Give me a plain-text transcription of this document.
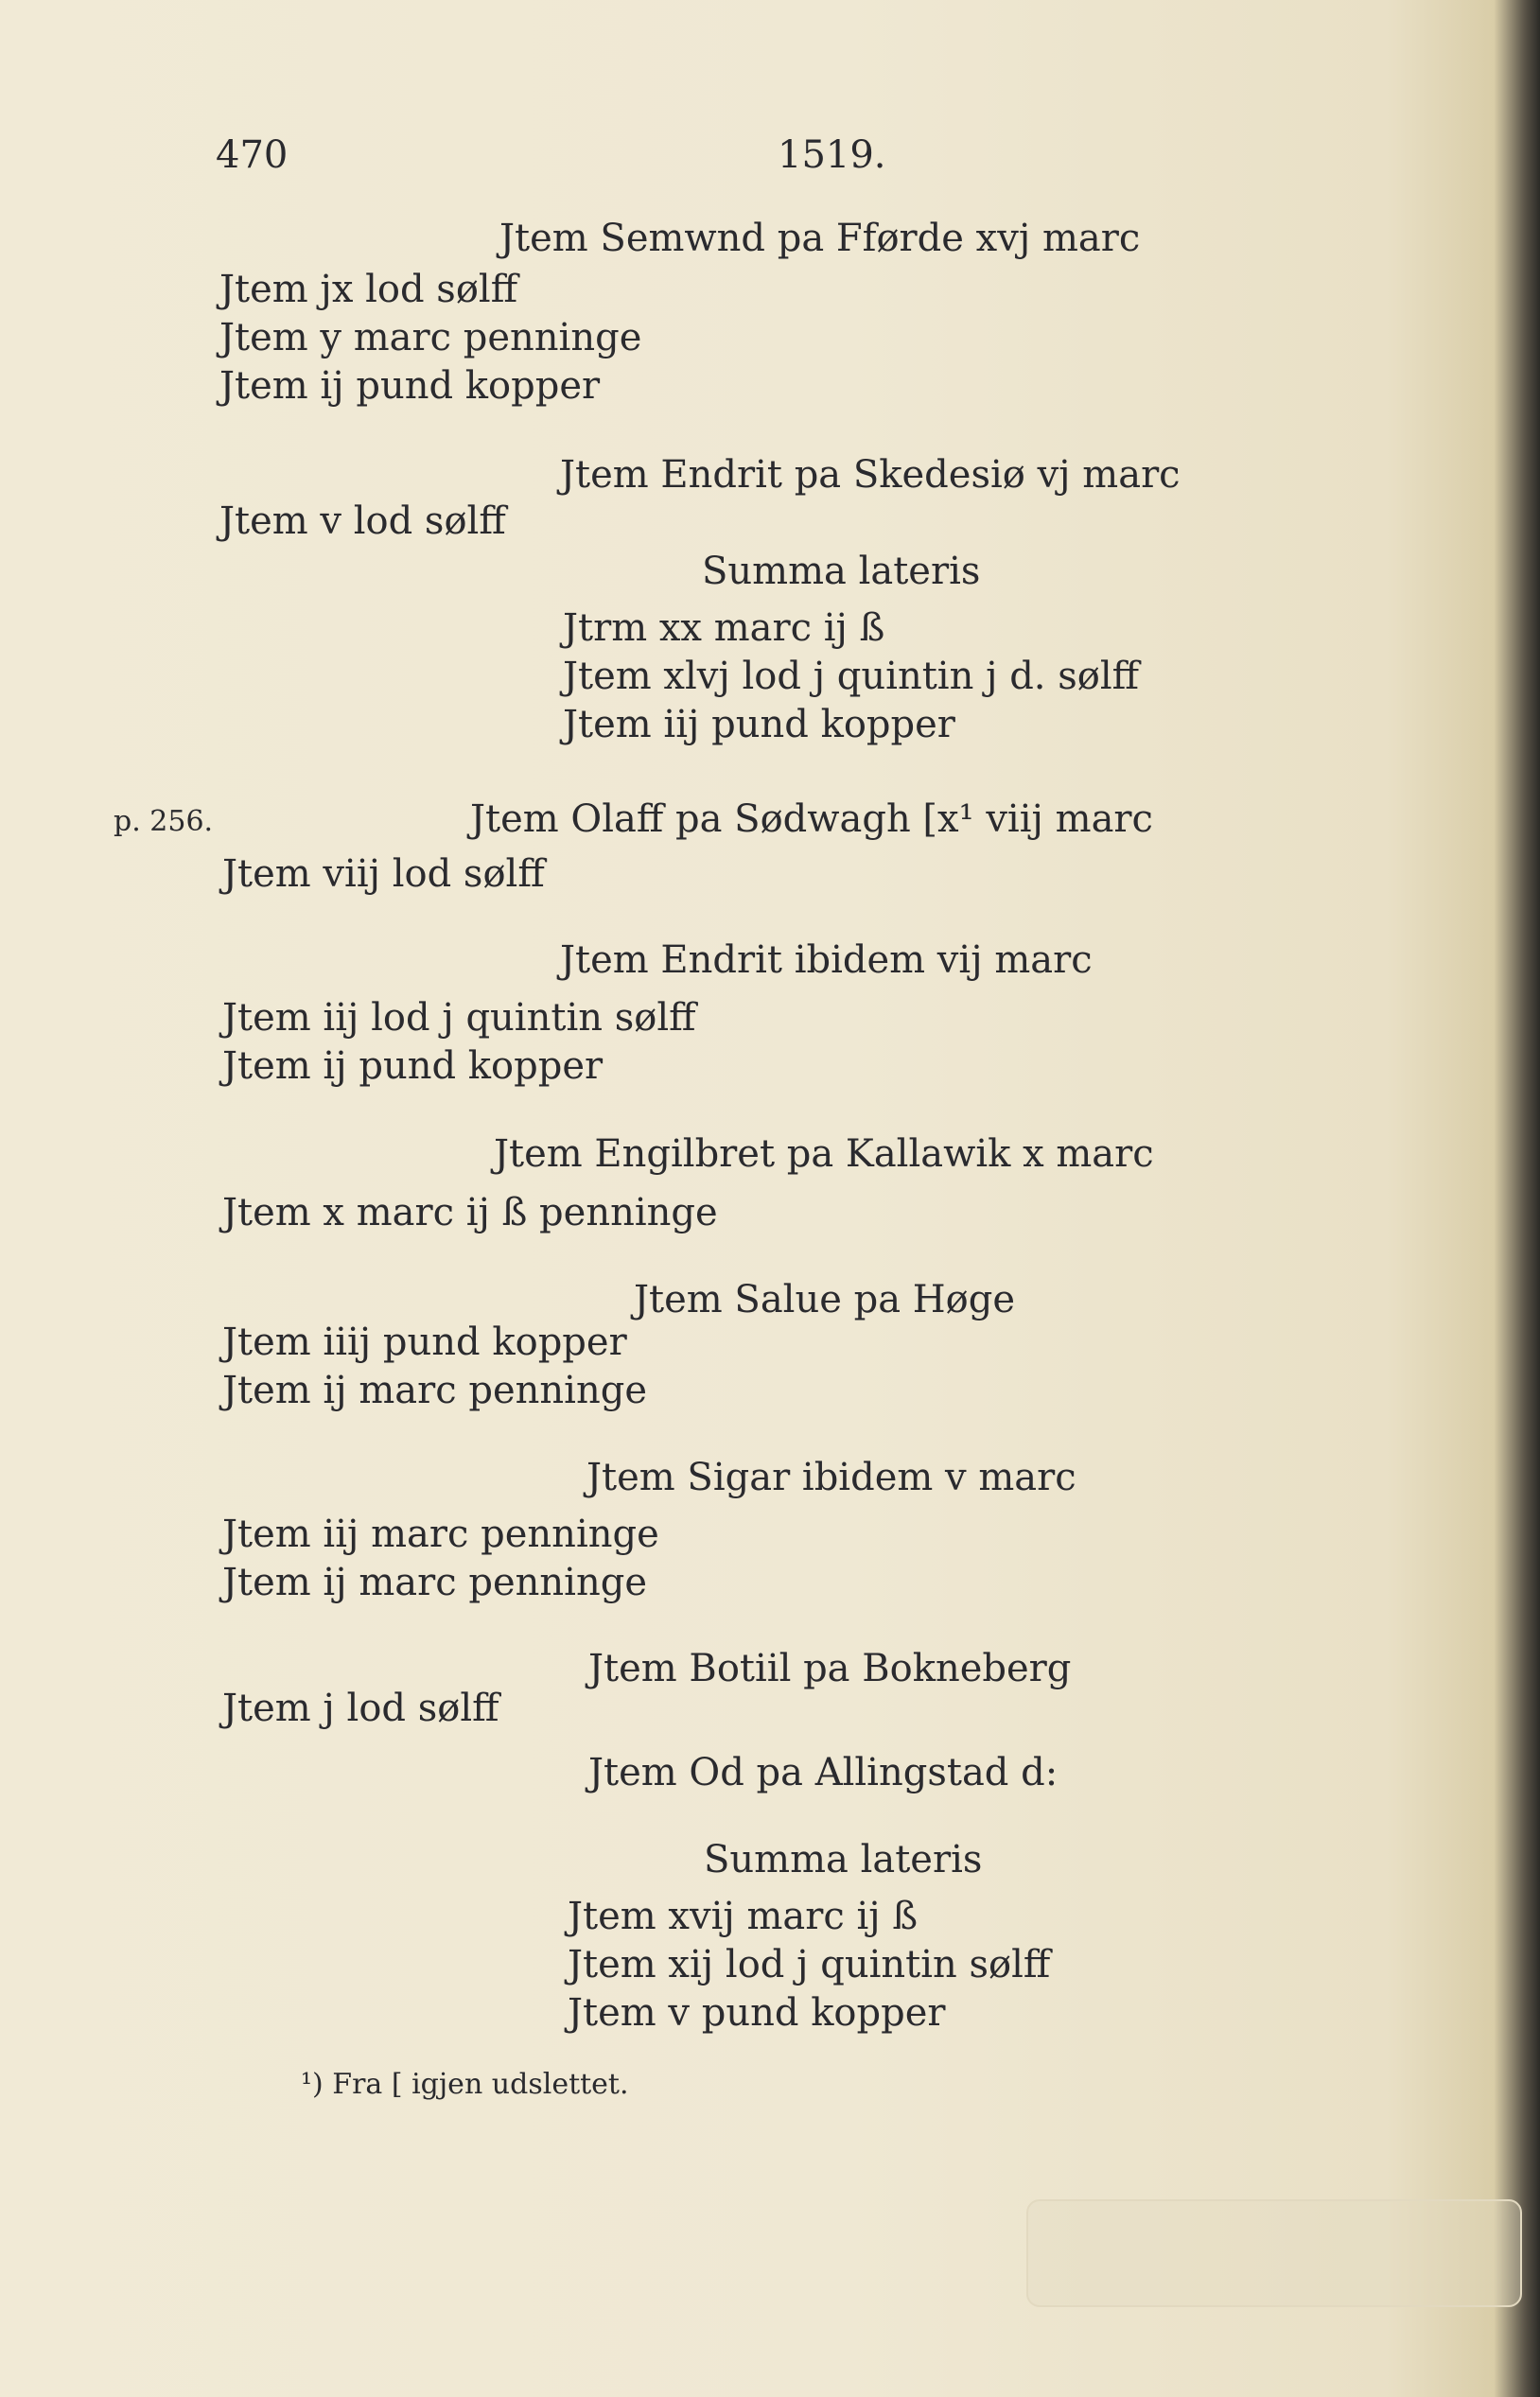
470	1519.
Jtem Semwnd pa Fførde xvj marc
Jtem jx lod sølff
Jtem y marc penninge
Jtem ij pund kopper
Jtem Endrit pa Skedesiø vj marc
Jtem v lod sølff
Summa lateris
Jtrm xx marc ij ß
Jtem xlvj lod j quintin j d. sølff
Jtem iij pund kopper
p. 256.	Jtem Olaff pa Sødwagh [x¹ viij marc
Jtem viij lod sølff
Jtem Endrit ibidem vij marc
Jtem iij lod j quintin sølff
Jtem ij pund kopper
Jtem Engilbret pa Kallawik x marc
Jtem x marc ij ß penninge
Jtem Salue pa Høge
Jtem iiij pund kopper
Jtem ij marc penninge
Jtem Sigar ibidem v marc
Jtem iij marc penninge
Jtem ij marc penninge
Jtem Botiil pa Bokneberg
Jtem j lod sølff
Jtem Od pa Allingstad d:
Summa lateris
Jtem xvij marc ij ß
Jtem xij lod j quintin sølff
Jtem v pund kopper
¹) Fra [ igjen udslettet.
